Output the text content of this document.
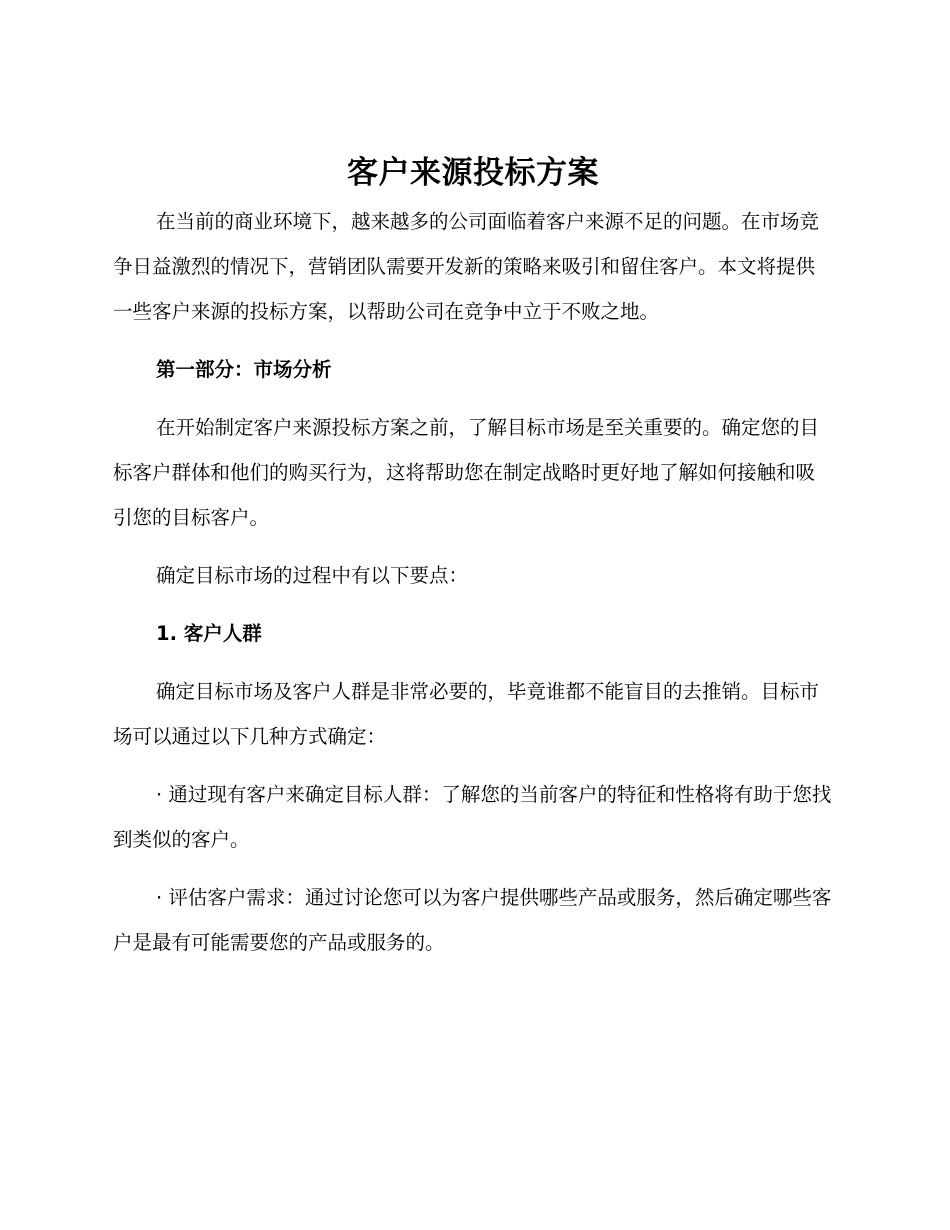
客户来源投标方案

在当前的商业环境下，越来越多的公司面临着客户来源不足的问题。在市场竞争日益激烈的情况下，营销团队需要开发新的策略来吸引和留住客户。本文将提供一些客户来源的投标方案，以帮助公司在竞争中立于不败之地。

第一部分：市场分析

在开始制定客户来源投标方案之前，了解目标市场是至关重要的。确定您的目标客户群体和他们的购买行为，这将帮助您在制定战略时更好地了解如何接触和吸引您的目标客户。

确定目标市场的过程中有以下要点：

1. 客户人群

确定目标市场及客户人群是非常必要的，毕竟谁都不能盲目的去推销。目标市场可以通过以下几种方式确定：

· 通过现有客户来确定目标人群：了解您的当前客户的特征和性格将有助于您找到类似的客户。

· 评估客户需求：通过讨论您可以为客户提供哪些产品或服务，然后确定哪些客户是最有可能需要您的产品或服务的。
